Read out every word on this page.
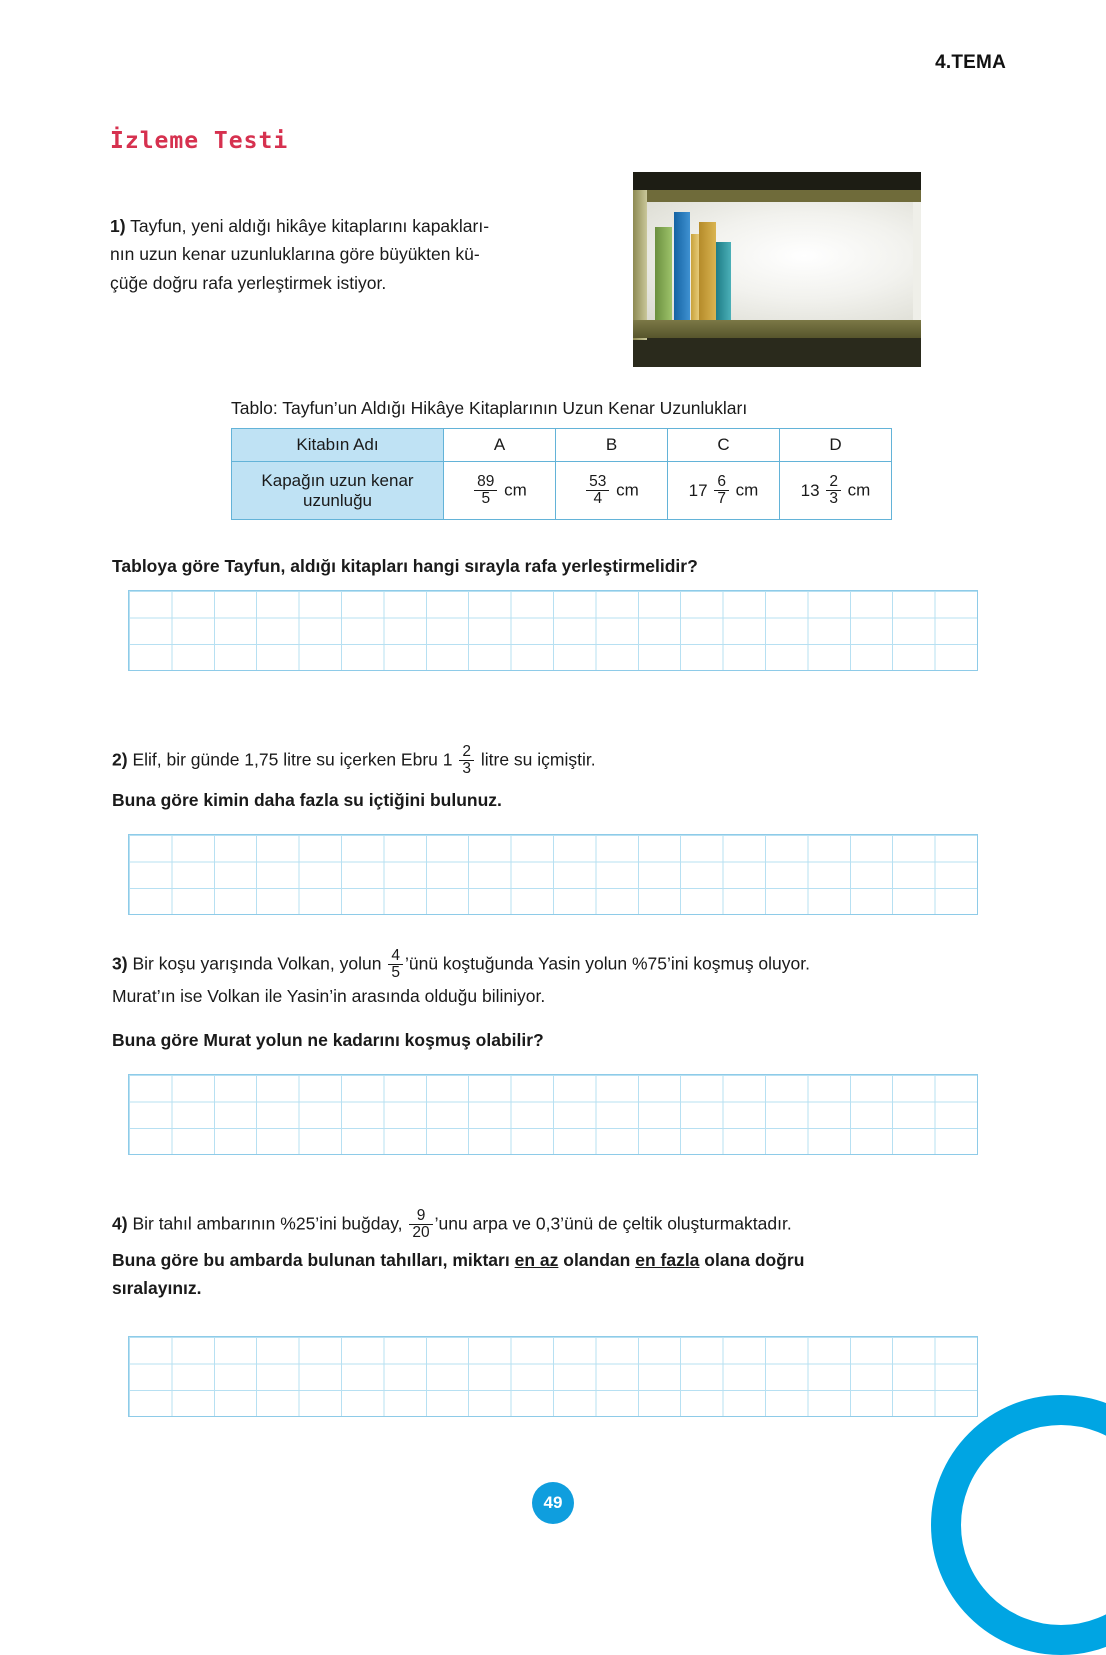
4.TEMA
İzleme Testi
1) Tayfun, yeni aldığı hikâye kitaplarını kapakları-
nın uzun kenar uzunluklarına göre büyükten kü-
çüğe doğru rafa yerleştirmek istiyor.
Tablo: Tayfun’un Aldığı Hikâye Kitaplarının Uzun Kenar Uzunlukları
Kitabın Adı	A	B	C	D
Kapağın uzun kenar
uzunluğu	$\frac{89}{5}$ cm	$\frac{53}{4}$ cm	$17 \frac{6}{7}$ cm	$13 \frac{2}{3}$ cm
Tabloya göre Tayfun, aldığı kitapları hangi sırayla rafa yerleştirmelidir?
2) Elif, bir günde 1,75 litre su içerken Ebru $1 \frac{2}{3}$ litre su içmiştir.
Buna göre kimin daha fazla su içtiğini bulunuz.
3) Bir koşu yarışında Volkan, yolun $\frac{4}{5}$ ’ünü koştuğunda Yasin yolun %75’ini koşmuş oluyor.
Murat’ın ise Volkan ile Yasin’in arasında olduğu biliniyor.
Buna göre Murat yolun ne kadarını koşmuş olabilir?
4) Bir tahıl ambarının %25’ini buğday, $\frac{9}{20}$ ’unu arpa ve 0,3’ünü de çeltik oluşturmaktadır.
Buna göre bu ambarda bulunan tahılları, miktarı en az olandan en fazla olana doğru
sıralayınız.
49
